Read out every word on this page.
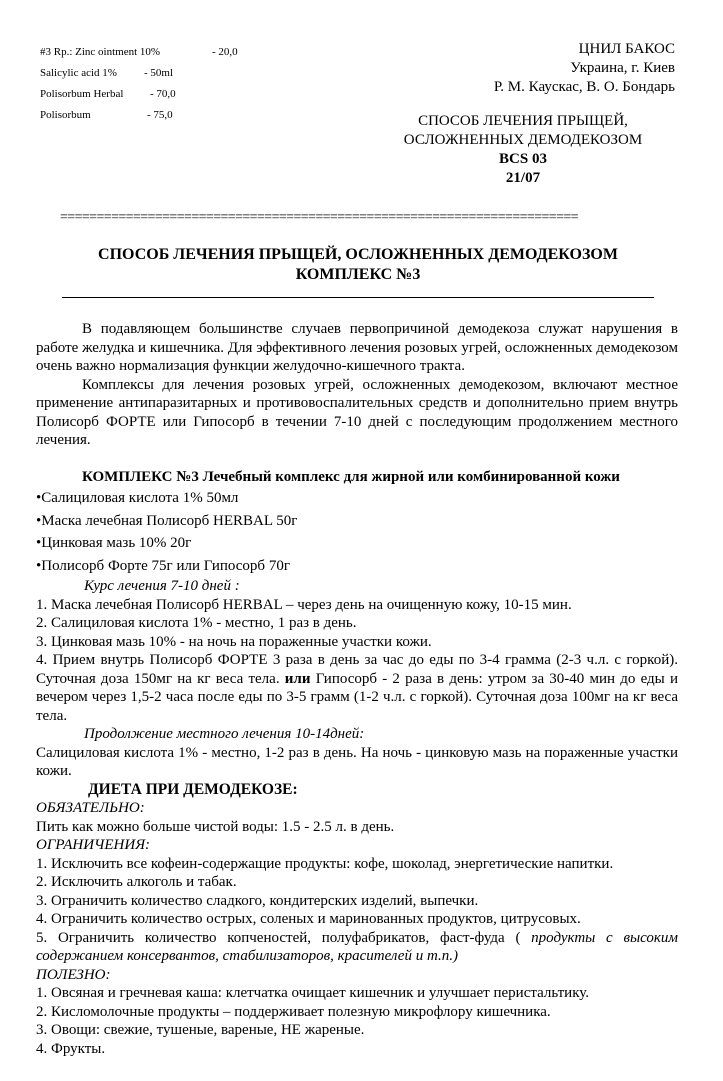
#3 Rp.: Zinc ointment 10%	- 20,0
Salicylic acid 1%	- 50ml
Polisorbum Herbal	- 70,0
Polisorbum	- 75,0
ЦНИЛ БАКОС
Украина, г. Киев
Р. М. Каускас, В. О. Бондарь
СПОСОБ ЛЕЧЕНИЯ ПРЫЩЕЙ,
ОСЛОЖНЕННЫХ ДЕМОДЕКОЗОМ
BCS 03
21/07
=======================================================================
СПОСОБ ЛЕЧЕНИЯ ПРЫЩЕЙ, ОСЛОЖНЕННЫХ ДЕМОДЕКОЗОМ
КОМПЛЕКС №3

В подавляющем большинстве случаев первопричиной демодекоза служат нарушения в работе желудка и кишечника. Для эффективного лечения розовых угрей, осложненных демодекозом очень важно нормализация функции желудочно-кишечного тракта.

Комплексы для лечения розовых угрей, осложненных демодекозом, включают местное применение антипаразитарных и противовоспалительных средств и дополнительно прием внутрь Полисорб ФОРТЕ или Гипосорб в течении 7-10 дней с последующим продолжением местного лечения.

КОМПЛЕКС №3 Лечебный комплекс для жирной или комбинированной кожи

•Салициловая кислота 1% 50мл

•Маска лечебная Полисорб HERBAL 50г

•Цинковая мазь 10% 20г

•Полисорб Форте 75г или Гипосорб 70г

Курс лечения 7-10 дней :

1. Маска лечебная Полисорб HERBAL – через день на очищенную кожу, 10-15 мин.

2. Салициловая кислота 1% - местно, 1 раз в день.

3. Цинковая мазь 10% - на ночь на пораженные участки кожи.

4. Прием внутрь Полисорб ФОРТЕ 3 раза в день за час до еды по 3-4 грамма (2-3 ч.л. с горкой). Суточная доза 150мг на кг веса тела. или Гипосорб - 2 раза в день: утром за 30-40 мин до еды и вечером через 1,5-2 часа после еды по 3-5 грамм (1-2 ч.л. с горкой). Суточная доза 100мг на кг веса тела.

Продолжение местного лечения 10-14дней:

Салициловая кислота 1% - местно, 1-2 раз в день. На ночь - цинковую мазь на пораженные участки кожи.

ДИЕТА ПРИ ДЕМОДЕКОЗЕ:

ОБЯЗАТЕЛЬНО:

Пить как можно больше чистой воды: 1.5 - 2.5 л. в день.

ОГРАНИЧЕНИЯ:

1. Исключить все кофеин-содержащие продукты: кофе, шоколад, энергетические напитки.

2. Исключить алкоголь и табак.

3. Ограничить количество сладкого, кондитерских изделий, выпечки.

4. Ограничить количество острых, соленых и маринованных продуктов, цитрусовых.

5. Ограничить количество копченостей, полуфабрикатов, фаст-фуда ( продукты с высоким содержанием консервантов, стабилизаторов, красителей и т.п.)

ПОЛЕЗНО:

1. Овсяная и гречневая каша: клетчатка очищает кишечник и улучшает перистальтику.

2. Кисломолочные продукты – поддерживает полезную микрофлору кишечника.

3. Овощи: свежие, тушеные, вареные, НЕ жареные.

4. Фрукты.
